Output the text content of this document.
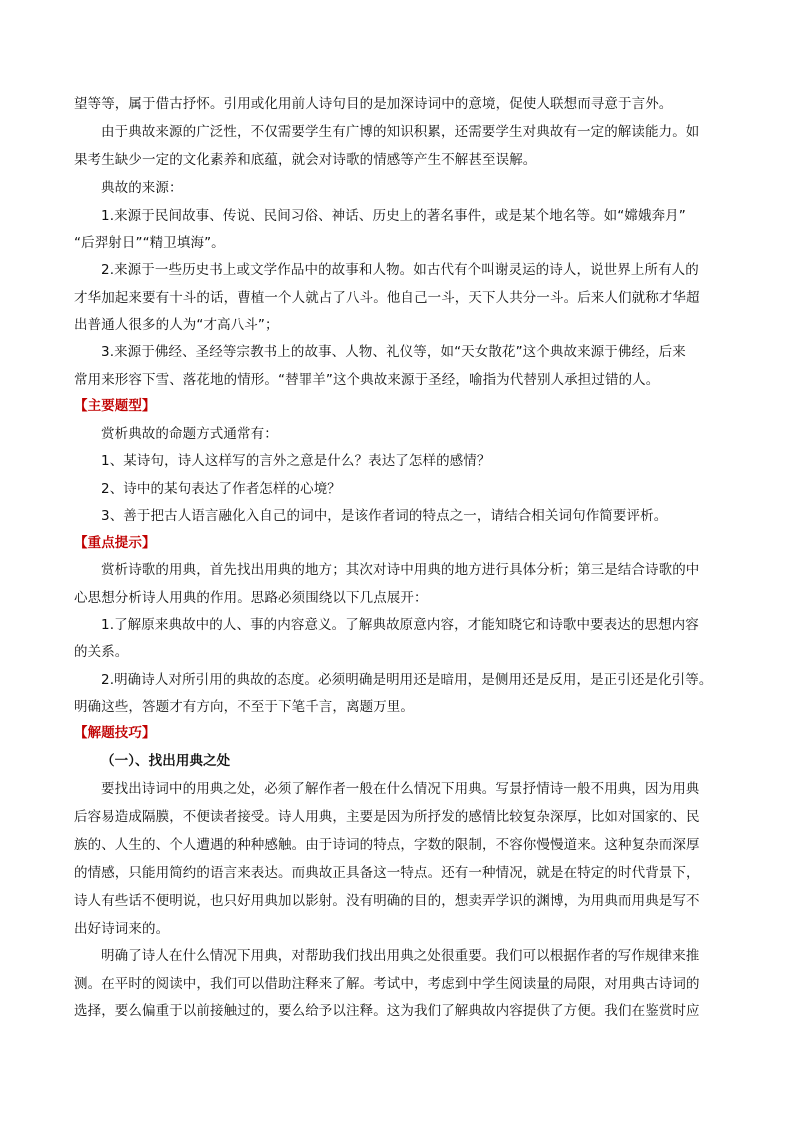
望等等，属于借古抒怀。引用或化用前人诗句目的是加深诗词中的意境，促使人联想而寻意于言外。
由于典故来源的广泛性，不仅需要学生有广博的知识积累，还需要学生对典故有一定的解读能力。如
果考生缺少一定的文化素养和底蕴，就会对诗歌的情感等产生不解甚至误解。
典故的来源：
1.来源于民间故事、传说、民间习俗、神话、历史上的著名事件，或是某个地名等。如“嫦娥奔月”
“后羿射日”“精卫填海”。
2.来源于一些历史书上或文学作品中的故事和人物。如古代有个叫谢灵运的诗人，说世界上所有人的
才华加起来要有十斗的话，曹植一个人就占了八斗。他自己一斗，天下人共分一斗。后来人们就称才华超
出普通人很多的人为“才高八斗”；
3.来源于佛经、圣经等宗教书上的故事、人物、礼仪等，如“天女散花”这个典故来源于佛经，后来
常用来形容下雪、落花地的情形。“替罪羊”这个典故来源于圣经，喻指为代替别人承担过错的人。
【主要题型】
赏析典故的命题方式通常有：
1、某诗句，诗人这样写的言外之意是什么？表达了怎样的感情？
2、诗中的某句表达了作者怎样的心境？
3、善于把古人语言融化入自己的词中，是该作者词的特点之一，请结合相关词句作简要评析。
【重点提示】
赏析诗歌的用典，首先找出用典的地方；其次对诗中用典的地方进行具体分析；第三是结合诗歌的中
心思想分析诗人用典的作用。思路必须围绕以下几点展开：
1.了解原来典故中的人、事的内容意义。了解典故原意内容，才能知晓它和诗歌中要表达的思想内容
的关系。
2.明确诗人对所引用的典故的态度。必须明确是明用还是暗用，是侧用还是反用，是正引还是化引等。
明确这些，答题才有方向，不至于下笔千言，离题万里。
【解题技巧】
（一）、找出用典之处
要找出诗词中的用典之处，必须了解作者一般在什么情况下用典。写景抒情诗一般不用典，因为用典
后容易造成隔膜，不便读者接受。诗人用典，主要是因为所抒发的感情比较复杂深厚，比如对国家的、民
族的、人生的、个人遭遇的种种感触。由于诗词的特点，字数的限制，不容你慢慢道来。这种复杂而深厚
的情感，只能用简约的语言来表达。而典故正具备这一特点。还有一种情况，就是在特定的时代背景下，
诗人有些话不便明说，也只好用典加以影射。没有明确的目的，想卖弄学识的渊博，为用典而用典是写不
出好诗词来的。
明确了诗人在什么情况下用典，对帮助我们找出用典之处很重要。我们可以根据作者的写作规律来推
测。在平时的阅读中，我们可以借助注释来了解。考试中，考虑到中学生阅读量的局限，对用典古诗词的
选择，要么偏重于以前接触过的，要么给予以注释。这为我们了解典故内容提供了方便。我们在鉴赏时应
